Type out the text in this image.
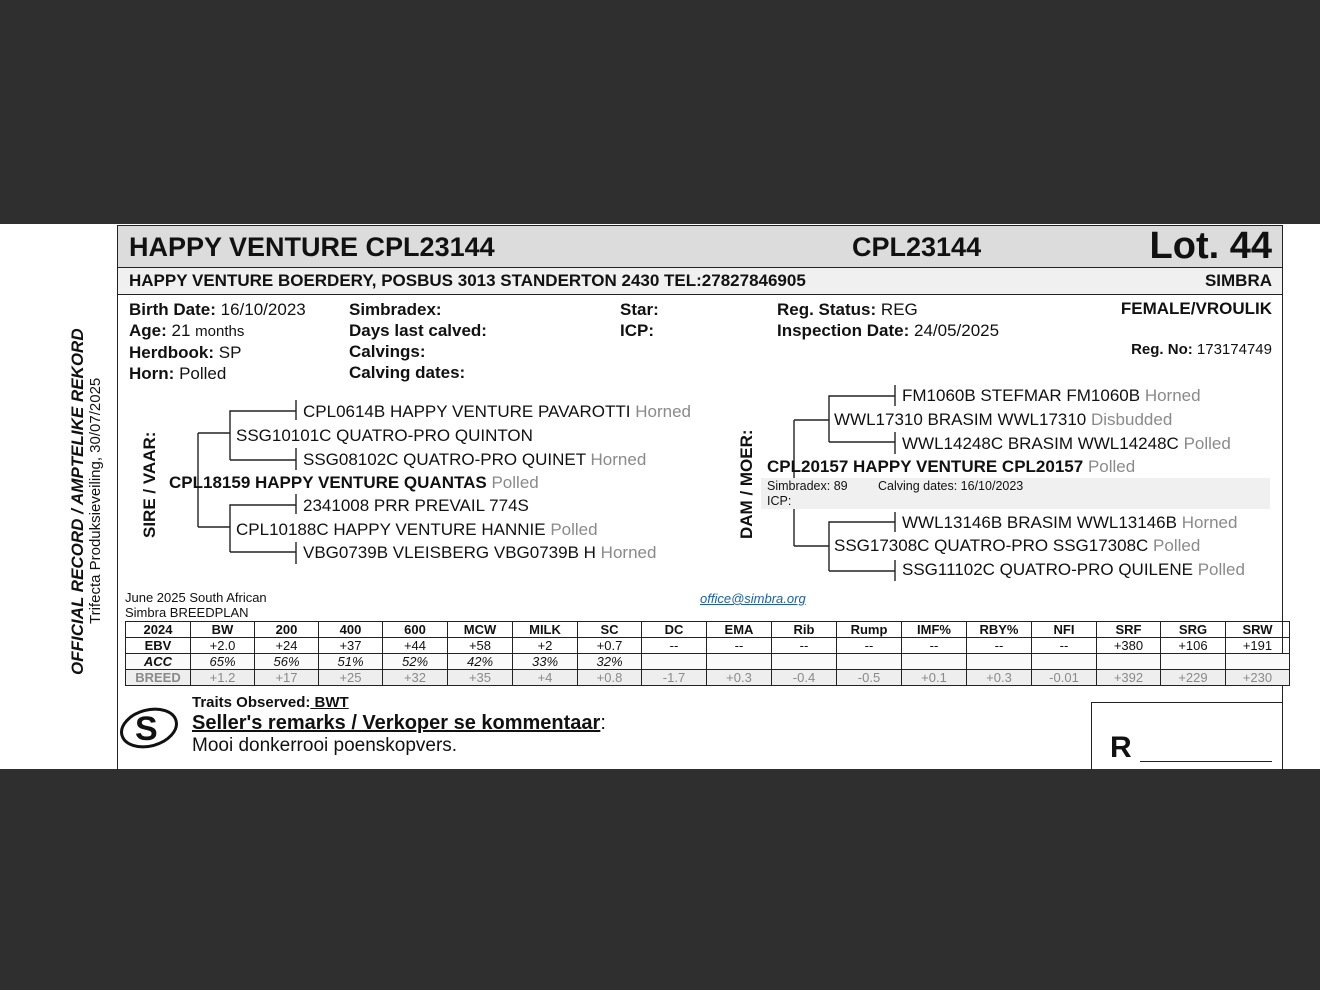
OFFICIAL RECORD / AMPTELIKE REKORD Trifecta Produksieveiling, 30/07/2025
HAPPY VENTURE CPL23144	CPL23144	Lot. 44
HAPPY VENTURE BOERDERY, POSBUS 3013 STANDERTON 2430 TEL:27827846905	SIMBRA
Birth Date: 16/10/2023
Age: 21 months
Herdbook: SP
Horn: Polled
Simbradex:
Days last calved:
Calvings:
Calving dates:
Star:
ICP:
Reg. Status: REG
Inspection Date: 24/05/2025
FEMALE/VROULIK
Reg. No: 173174749
SIRE / VAAR:
CPL0614B HAPPY VENTURE PAVAROTTI Horned
SSG10101C QUATRO-PRO QUINTON
SSG08102C QUATRO-PRO QUINET Horned
CPL18159 HAPPY VENTURE QUANTAS Polled
2341008 PRR PREVAIL 774S
CPL10188C HAPPY VENTURE HANNIE Polled
VBG0739B VLEISBERG VBG0739B H Horned
DAM / MOER:
FM1060B STEFMAR FM1060B Horned
WWL17310 BRASIM WWL17310 Disbudded
WWL14248C BRASIM WWL14248C Polled
CPL20157 HAPPY VENTURE CPL20157 Polled
Simbradex: 89 Calving dates: 16/10/2023
ICP:
WWL13146B BRASIM WWL13146B Horned
SSG17308C QUATRO-PRO SSG17308C Polled
SSG11102C QUATRO-PRO QUILENE Polled
June 2025 South African
Simbra BREEDPLAN
office@simbra.org
2024	BW	200	400	600	MCW	MILK	SC	DC	EMA	Rib	Rump	IMF%	RBY%	NFI	SRF	SRG	SRW
EBV	+2.0	+24	+37	+44	+58	+2	+0.7	--	--	--	--	--	--	--	+380	+106	+191
ACC	65%	56%	51%	52%	42%	33%	32%										
BREED	+1.2	+17	+25	+32	+35	+4	+0.8	-1.7	+0.3	-0.4	-0.5	+0.1	+0.3	-0.01	+392	+229	+230
S
Traits Observed: BWT
Seller's remarks / Verkoper se kommentaar:
Mooi donkerrooi poenskopvers.	R
